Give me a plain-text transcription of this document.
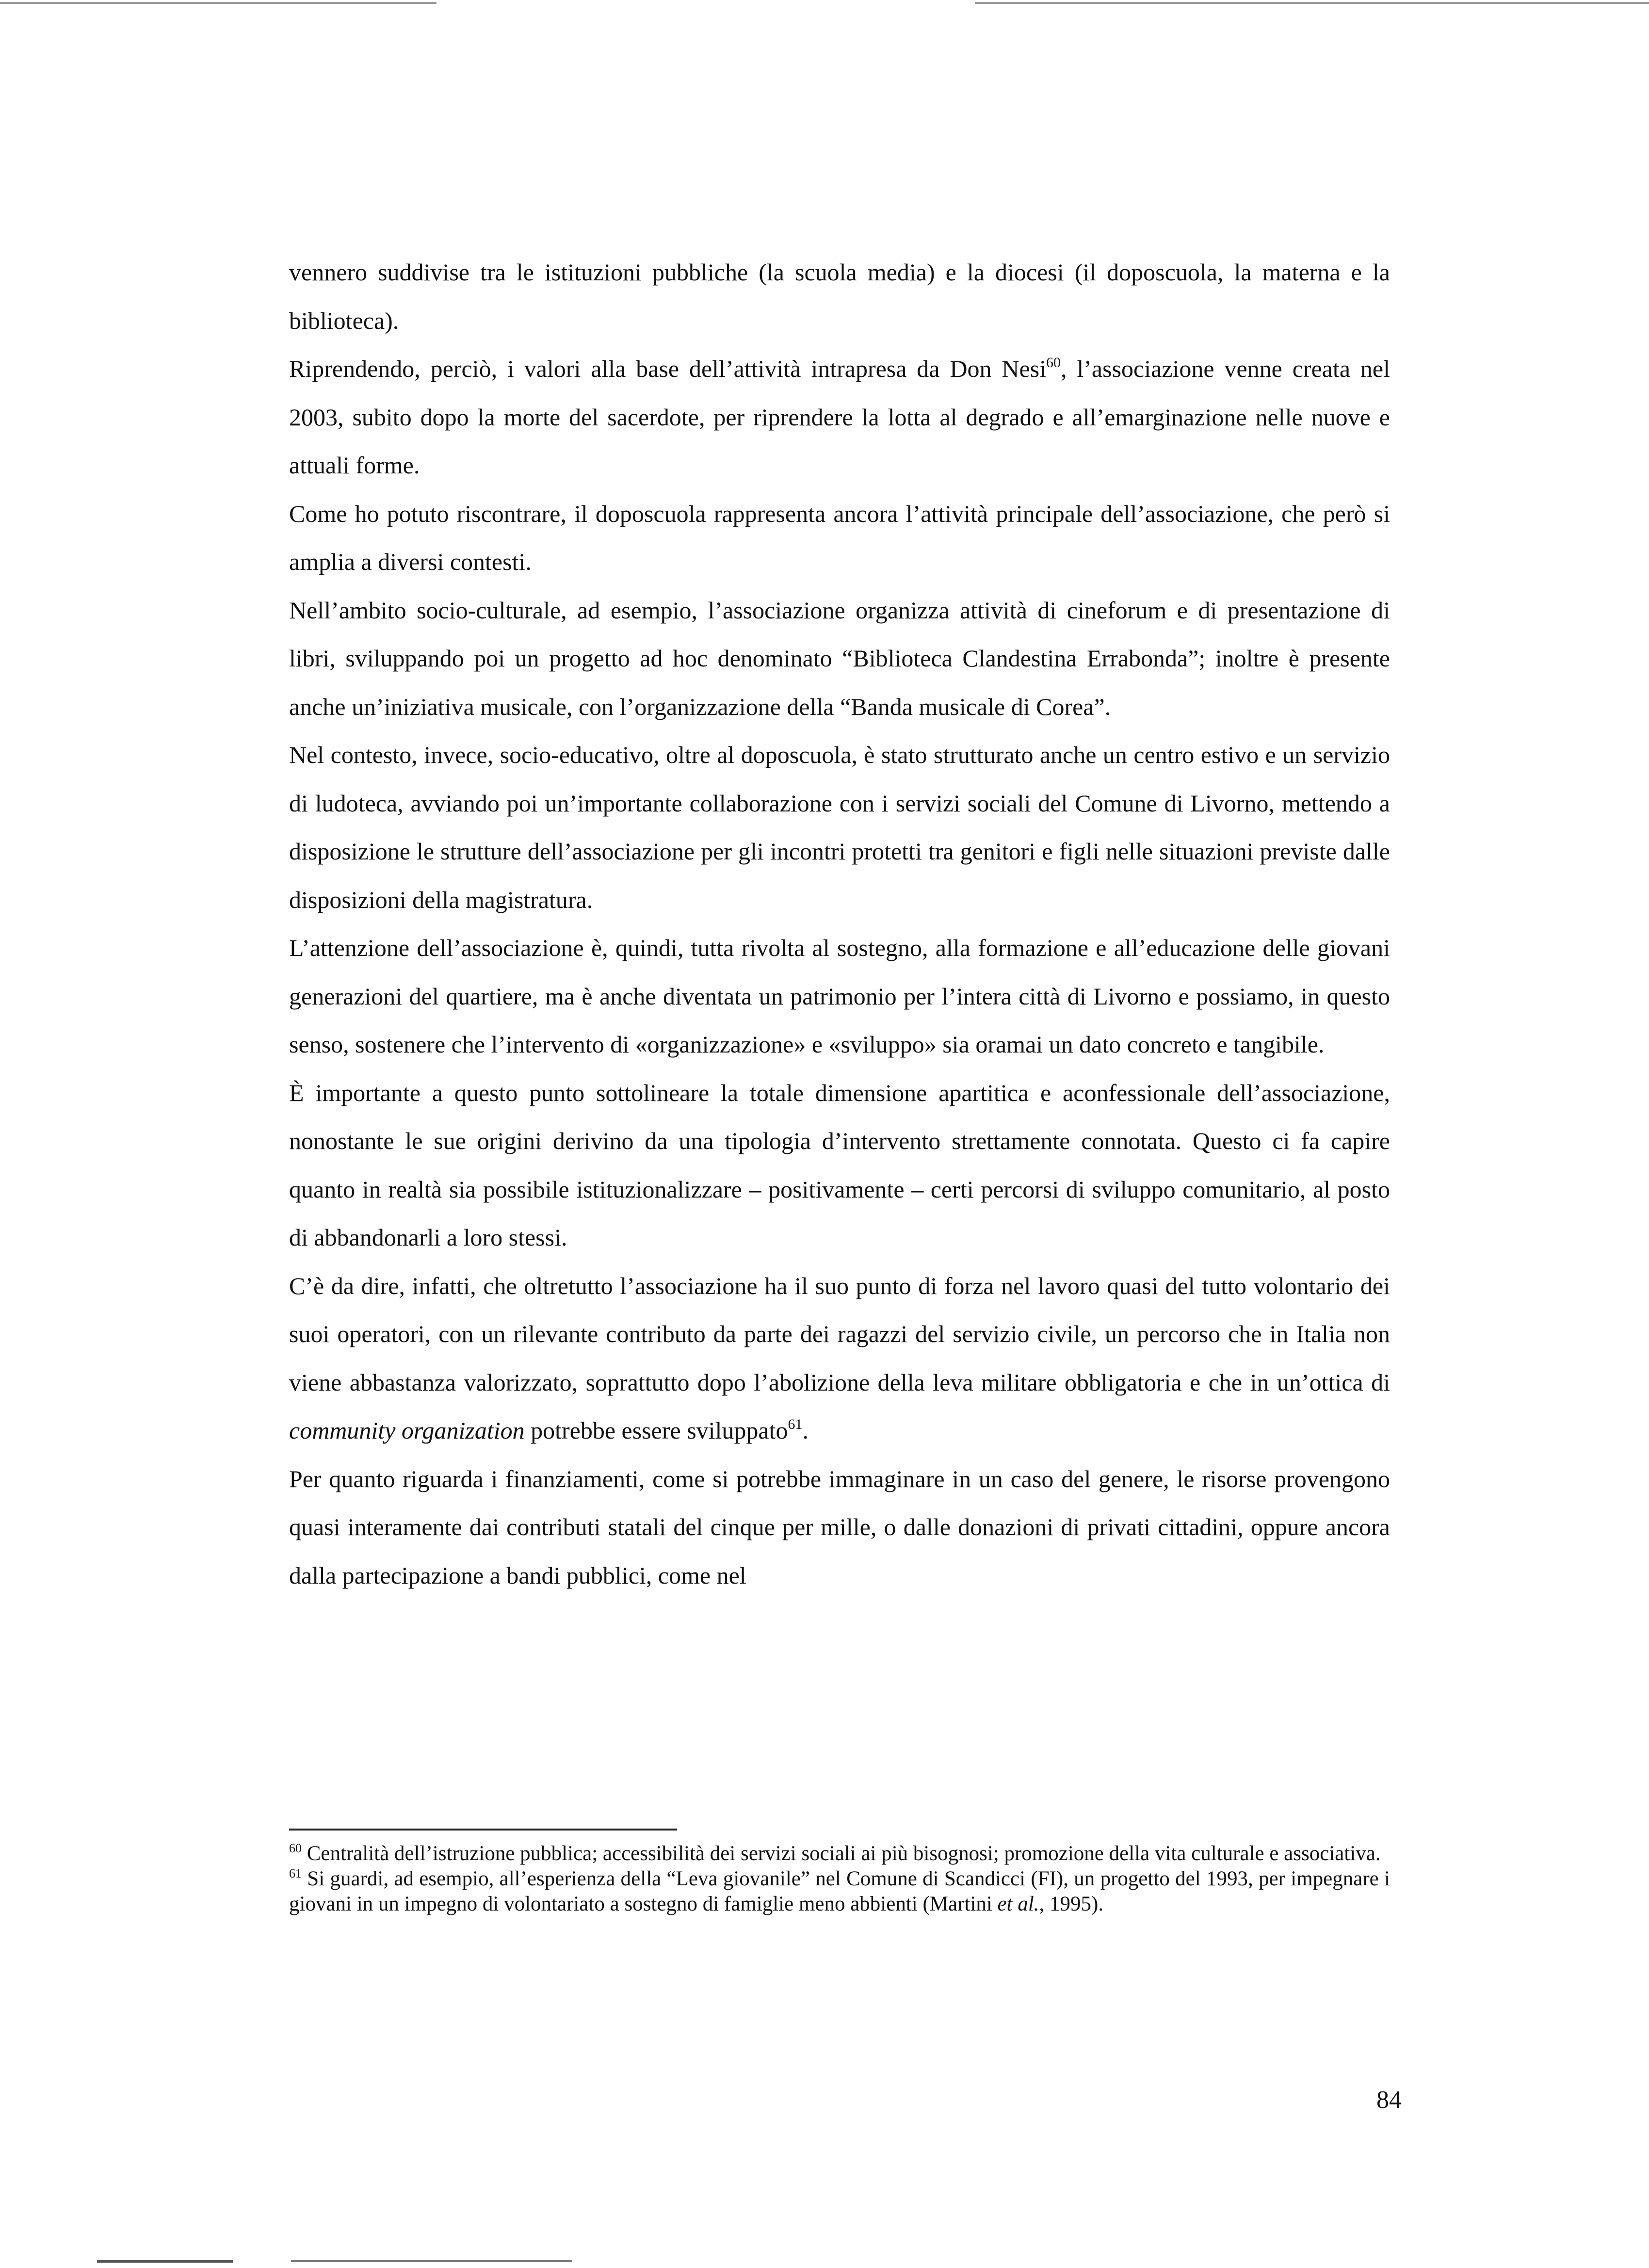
vennero suddivise tra le istituzioni pubbliche (la scuola media) e la diocesi (il doposcuola, la materna e la biblioteca).

Riprendendo, perciò, i valori alla base dell’attività intrapresa da Don Nesi$^{60}$, l’associazione venne creata nel 2003, subito dopo la morte del sacerdote, per riprendere la lotta al degrado e all’emarginazione nelle nuove e attuali forme.

Come ho potuto riscontrare, il doposcuola rappresenta ancora l’attività principale dell’associazione, che però si amplia a diversi contesti.

Nell’ambito socio-culturale, ad esempio, l’associazione organizza attività di cineforum e di presentazione di libri, sviluppando poi un progetto ad hoc denominato “Biblioteca Clandestina Errabonda”; inoltre è presente anche un’iniziativa musicale, con l’organizzazione della “Banda musicale di Corea”.

Nel contesto, invece, socio-educativo, oltre al doposcuola, è stato strutturato anche un centro estivo e un servizio di ludoteca, avviando poi un’importante collaborazione con i servizi sociali del Comune di Livorno, mettendo a disposizione le strutture dell’associazione per gli incontri protetti tra genitori e figli nelle situazioni previste dalle disposizioni della magistratura.

L’attenzione dell’associazione è, quindi, tutta rivolta al sostegno, alla formazione e all’educazione delle giovani generazioni del quartiere, ma è anche diventata un patrimonio per l’intera città di Livorno e possiamo, in questo senso, sostenere che l’intervento di «organizzazione» e «sviluppo» sia oramai un dato concreto e tangibile.

È importante a questo punto sottolineare la totale dimensione apartitica e aconfessionale dell’associazione, nonostante le sue origini derivino da una tipologia d’intervento strettamente connotata. Questo ci fa capire quanto in realtà sia possibile istituzionalizzare – positivamente – certi percorsi di sviluppo comunitario, al posto di abbandonarli a loro stessi.

C’è da dire, infatti, che oltretutto l’associazione ha il suo punto di forza nel lavoro quasi del tutto volontario dei suoi operatori, con un rilevante contributo da parte dei ragazzi del servizio civile, un percorso che in Italia non viene abbastanza valorizzato, soprattutto dopo l’abolizione della leva militare obbligatoria e che in un’ottica di community organization potrebbe essere sviluppato$^{61}$.

Per quanto riguarda i finanziamenti, come si potrebbe immaginare in un caso del genere, le risorse provengono quasi interamente dai contributi statali del cinque per mille, o dalle donazioni di privati cittadini, oppure ancora dalla partecipazione a bandi pubblici, come nel

$^{60}$ Centralità dell’istruzione pubblica; accessibilità dei servizi sociali ai più bisognosi; promozione della vita culturale e associativa.

$^{61}$ Si guardi, ad esempio, all’esperienza della “Leva giovanile” nel Comune di Scandicci (FI), un progetto del 1993, per impegnare i giovani in un impegno di volontariato a sostegno di famiglie meno abbienti (Martini et al., 1995).

84
